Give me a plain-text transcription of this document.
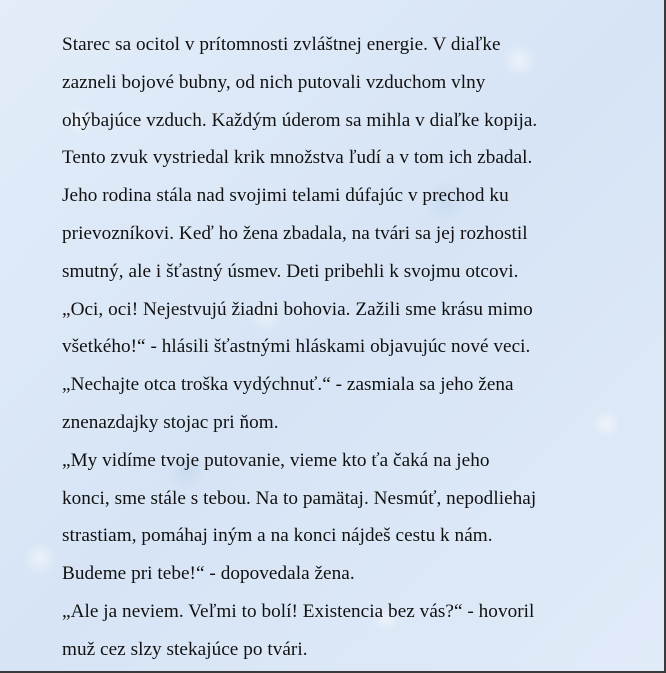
Starec sa ocitol v prítomnosti zvláštnej energie. V diaľke
zazneli bojové bubny, od nich putovali vzduchom vlny
ohýbajúce vzduch. Každým úderom sa mihla v diaľke kopija.
Tento zvuk vystriedal krik množstva ľudí a v tom ich zbadal.
Jeho rodina stála nad svojimi telami dúfajúc v prechod ku
prievozníkovi. Keď ho žena zbadala, na tvári sa jej rozhostil
smutný, ale i šťastný úsmev. Deti pribehli k svojmu otcovi.
„Oci, oci! Nejestvujú žiadni bohovia. Zažili sme krásu mimo
všetkého!“ - hlásili šťastnými hláskami objavujúc nové veci.
„Nechajte otca troška vydýchnuť.“ - zasmiala sa jeho žena
znenazdajky stojac pri ňom.
„My vidíme tvoje putovanie, vieme kto ťa čaká na jeho
konci, sme stále s tebou. Na to pamätaj. Nesmúť, nepodliehaj
strastiam, pomáhaj iným a na konci nájdeš cestu k nám.
Budeme pri tebe!“ - dopovedala žena.
„Ale ja neviem. Veľmi to bolí! Existencia bez vás?“ - hovoril
muž cez slzy stekajúce po tvári.
